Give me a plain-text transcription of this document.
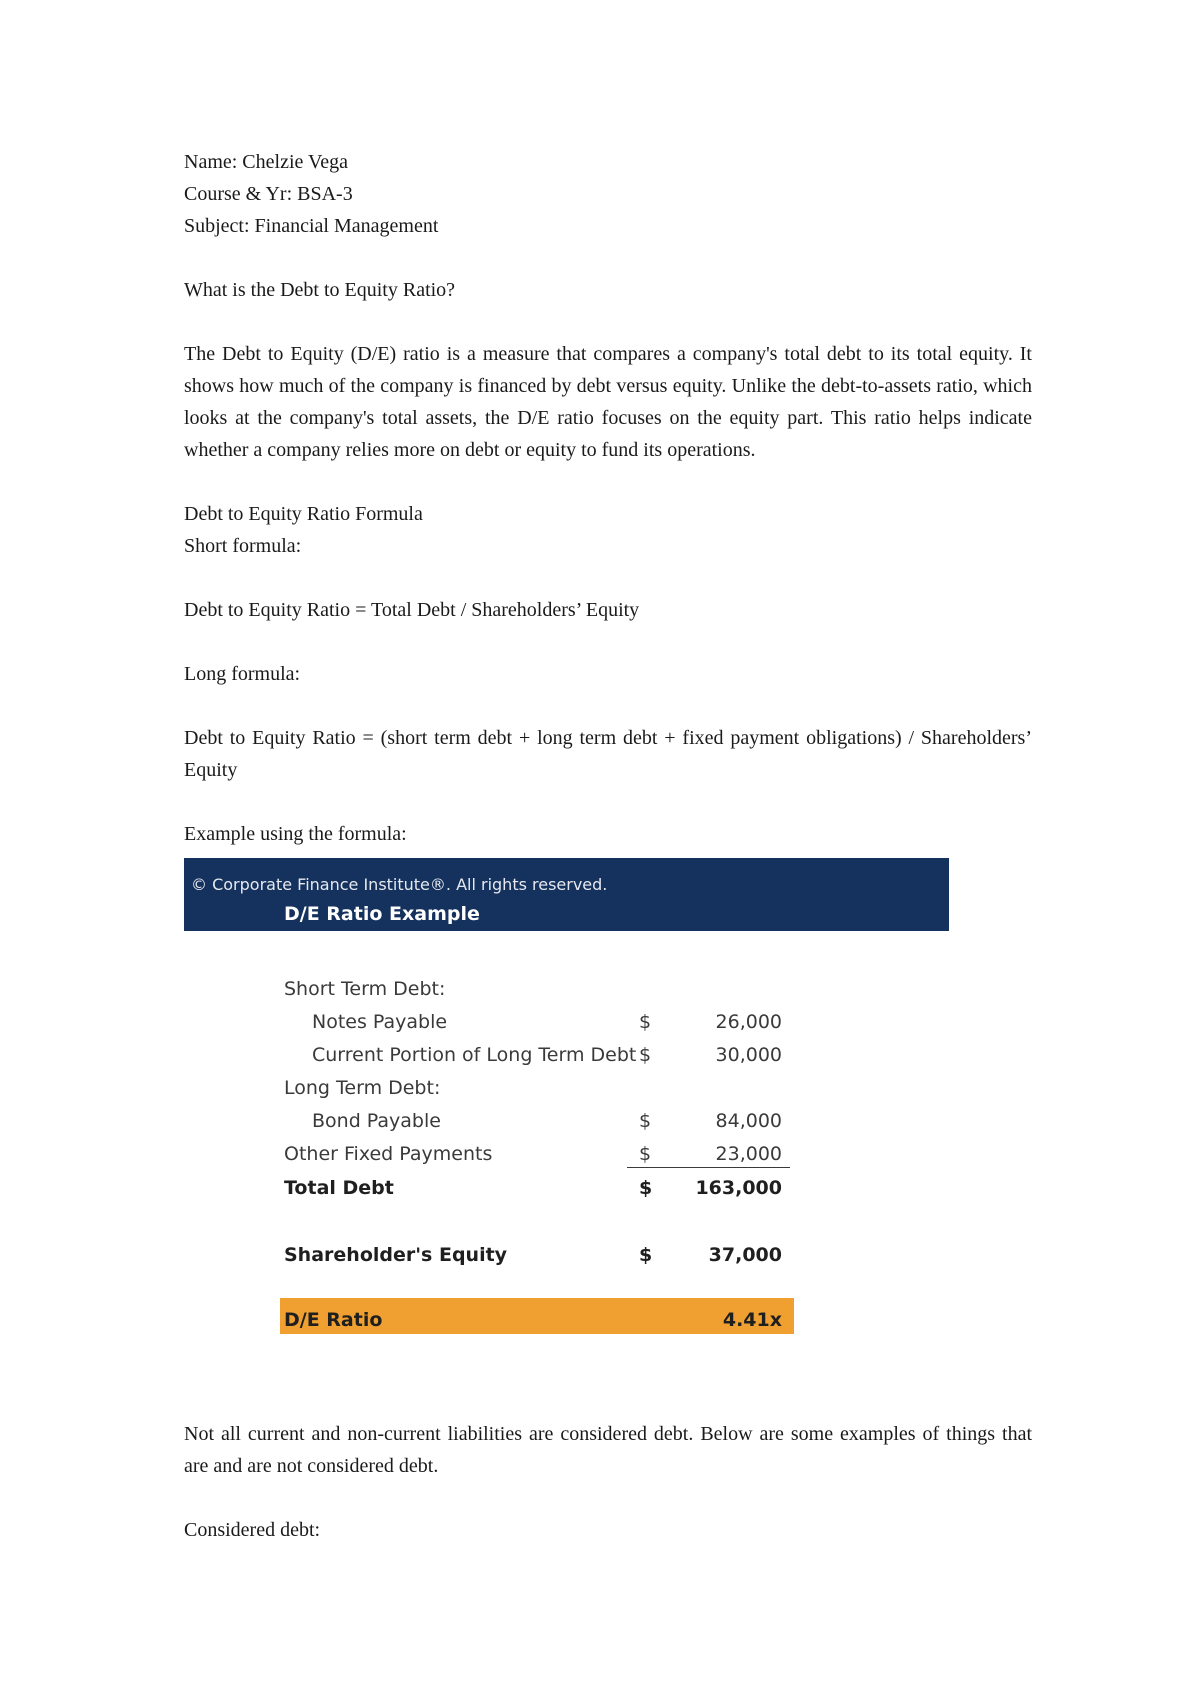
Name: Chelzie Vega

Course & Yr: BSA-3

Subject: Financial Management

What is the Debt to Equity Ratio?

The Debt to Equity (D/E) ratio is a measure that compares a company's total debt to its total equity. It shows how much of the company is financed by debt versus equity. Unlike the debt-to-assets ratio, which looks at the company's total assets, the D/E ratio focuses on the equity part. This ratio helps indicate whether a company relies more on debt or equity to fund its operations.

Debt to Equity Ratio Formula

Short formula:

Debt to Equity Ratio = Total Debt / Shareholders’ Equity

Long formula:

Debt to Equity Ratio = (short term debt + long term debt + fixed payment obligations) / Shareholders’ Equity

Example using the formula:

© Corporate Finance Institute®. All rights reserved.
D/E Ratio Example
Short Term Debt:
Notes Payable	$	26,000
Current Portion of Long Term Debt $	30,000
Long Term Debt:
Bond Payable	$	84,000
Other Fixed Payments	$	23,000
Total Debt	$ 163,000
Shareholder's Equity	$	37,000
D/E Ratio	4.41x

Not all current and non-current liabilities are considered debt. Below are some examples of things that are and are not considered debt.

Considered debt:
